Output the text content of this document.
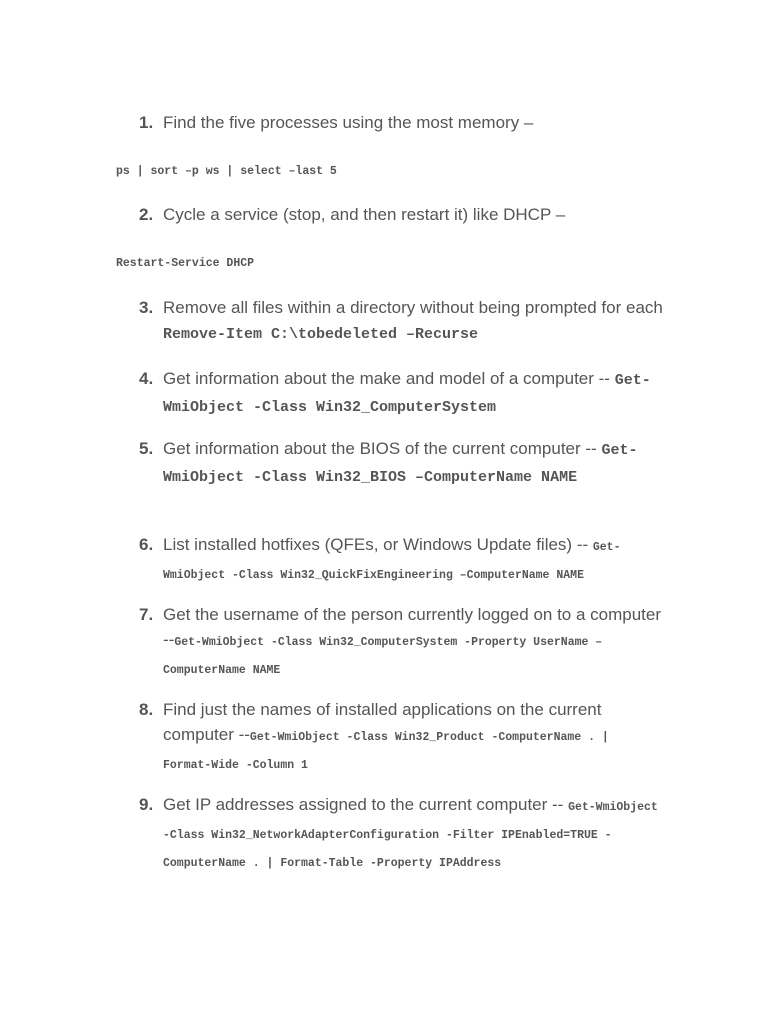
1. Find the five processes using the most memory –
ps | sort –p ws | select –last 5
2. Cycle a service (stop, and then restart it) like DHCP –
Restart-Service DHCP
3. Remove all files within a directory without being prompted for each Remove-Item C:\tobedeleted –Recurse
4. Get information about the make and model of a computer -- Get-WmiObject -Class Win32_ComputerSystem
5. Get information about the BIOS of the current computer -- Get-WmiObject -Class Win32_BIOS –ComputerName NAME
6. List installed hotfixes (QFEs, or Windows Update files) -- Get-WmiObject -Class Win32_QuickFixEngineering –ComputerName NAME
7. Get the username of the person currently logged on to a computer --Get-WmiObject -Class Win32_ComputerSystem -Property UserName –ComputerName NAME
8. Find just the names of installed applications on the current computer --Get-WmiObject -Class Win32_Product -ComputerName . | Format-Wide -Column 1
9. Get IP addresses assigned to the current computer -- Get-WmiObject -Class Win32_NetworkAdapterConfiguration -Filter IPEnabled=TRUE -ComputerName . | Format-Table -Property IPAddress
